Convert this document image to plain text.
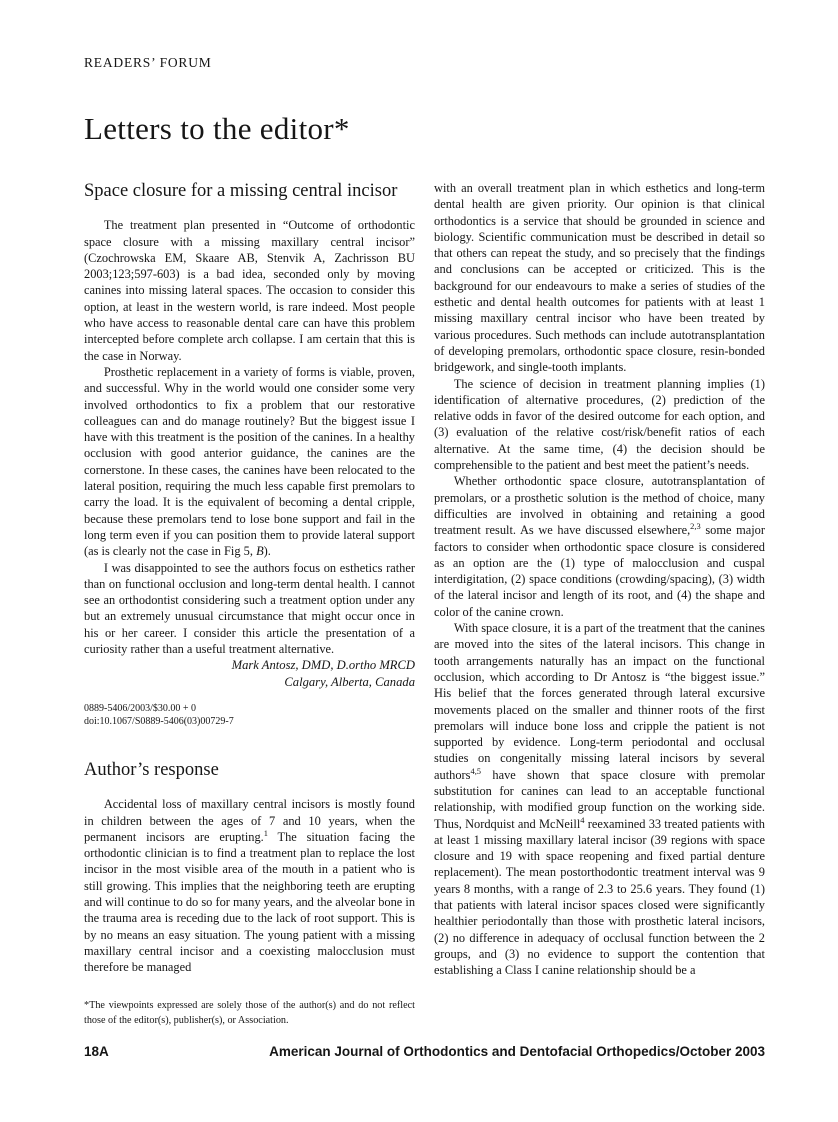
READERS’ FORUM
Letters to the editor*
Space closure for a missing central incisor

The treatment plan presented in “Outcome of orthodontic space closure with a missing maxillary central incisor” (Czochrowska EM, Skaare AB, Stenvik A, Zachrisson BU 2003;123;597-603) is a bad idea, seconded only by moving canines into missing lateral spaces. The occasion to consider this option, at least in the western world, is rare indeed. Most people who have access to reasonable dental care can have this problem intercepted before complete arch collapse. I am certain that this is the case in Norway.

Prosthetic replacement in a variety of forms is viable, proven, and successful. Why in the world would one consider some very involved orthodontics to fix a problem that our restorative colleagues can and do manage routinely? But the biggest issue I have with this treatment is the position of the canines. In a healthy occlusion with good anterior guidance, the canines are the cornerstone. In these cases, the canines have been relocated to the lateral position, requiring the much less capable first premolars to carry the load. It is the equivalent of becoming a dental cripple, because these premolars tend to lose bone support and fail in the long term even if you can position them to provide lateral support (as is clearly not the case in Fig 5, B).

I was disappointed to see the authors focus on esthetics rather than on functional occlusion and long-term dental health. I cannot see an orthodontist considering such a treatment option under any but an extremely unusual circumstance that might occur once in his or her career. I consider this article the presentation of a curiosity rather than a useful treatment alternative.

Mark Antosz, DMD, D.ortho MRCD

Calgary, Alberta, Canada

0889-5406/2003/$30.00 + 0
doi:10.1067/S0889-5406(03)00729-7
Author’s response

Accidental loss of maxillary central incisors is mostly found in children between the ages of 7 and 10 years, when the permanent incisors are erupting.$^1$ The situation facing the orthodontic clinician is to find a treatment plan to replace the lost incisor in the most visible area of the mouth in a patient who is still growing. This implies that the neighboring teeth are erupting and will continue to do so for many years, and the alveolar bone in the trauma area is receding due to the lack of root support. This is by no means an easy situation. The young patient with a missing maxillary central incisor and a coexisting malocclusion must therefore be managed

*The viewpoints expressed are solely those of the author(s) and do not reflect those of the editor(s), publisher(s), or Association.

with an overall treatment plan in which esthetics and long-term dental health are given priority. Our opinion is that clinical orthodontics is a service that should be grounded in science and biology. Scientific communication must be described in detail so that others can repeat the study, and so precisely that the findings and conclusions can be accepted or criticized. This is the background for our endeavours to make a series of studies of the esthetic and dental health outcomes for patients with at least 1 missing maxillary central incisor who have been treated by various procedures. Such methods can include autotransplantation of developing premolars, orthodontic space closure, resin-bonded bridgework, and single-tooth implants.

The science of decision in treatment planning implies (1) identification of alternative procedures, (2) prediction of the relative odds in favor of the desired outcome for each option, and (3) evaluation of the relative cost/risk/benefit ratios of each alternative. At the same time, (4) the decision should be comprehensible to the patient and best meet the patient’s needs.

Whether orthodontic space closure, autotransplantation of premolars, or a prosthetic solution is the method of choice, many difficulties are involved in obtaining and retaining a good treatment result. As we have discussed elsewhere,$^{2,3}$ some major factors to consider when orthodontic space closure is considered as an option are the (1) type of malocclusion and cuspal interdigitation, (2) space conditions (crowding/spacing), (3) width of the lateral incisor and length of its root, and (4) the shape and color of the canine crown.

With space closure, it is a part of the treatment that the canines are moved into the sites of the lateral incisors. This change in tooth arrangements naturally has an impact on the functional occlusion, which according to Dr Antosz is “the biggest issue.” His belief that the forces generated through lateral excursive movements placed on the smaller and thinner roots of the first premolars will induce bone loss and cripple the patient is not supported by evidence. Long-term periodontal and occlusal studies on congenitally missing lateral incisors by several authors$^{4,5}$ have shown that space closure with premolar substitution for canines can lead to an acceptable functional relationship, with modified group function on the working side. Thus, Nordquist and McNeill$^4$ reexamined 33 treated patients with at least 1 missing maxillary lateral incisor (39 regions with space closure and 19 with space reopening and fixed partial denture replacement). The mean postorthodontic treatment interval was 9 years 8 months, with a range of 2.3 to 25.6 years. They found (1) that patients with lateral incisor spaces closed were significantly healthier periodontally than those with prosthetic lateral incisors, (2) no difference in adequacy of occlusal function between the 2 groups, and (3) no evidence to support the contention that establishing a Class I canine relationship should be a

18A	American Journal of Orthodontics and Dentofacial Orthopedics/October 2003
